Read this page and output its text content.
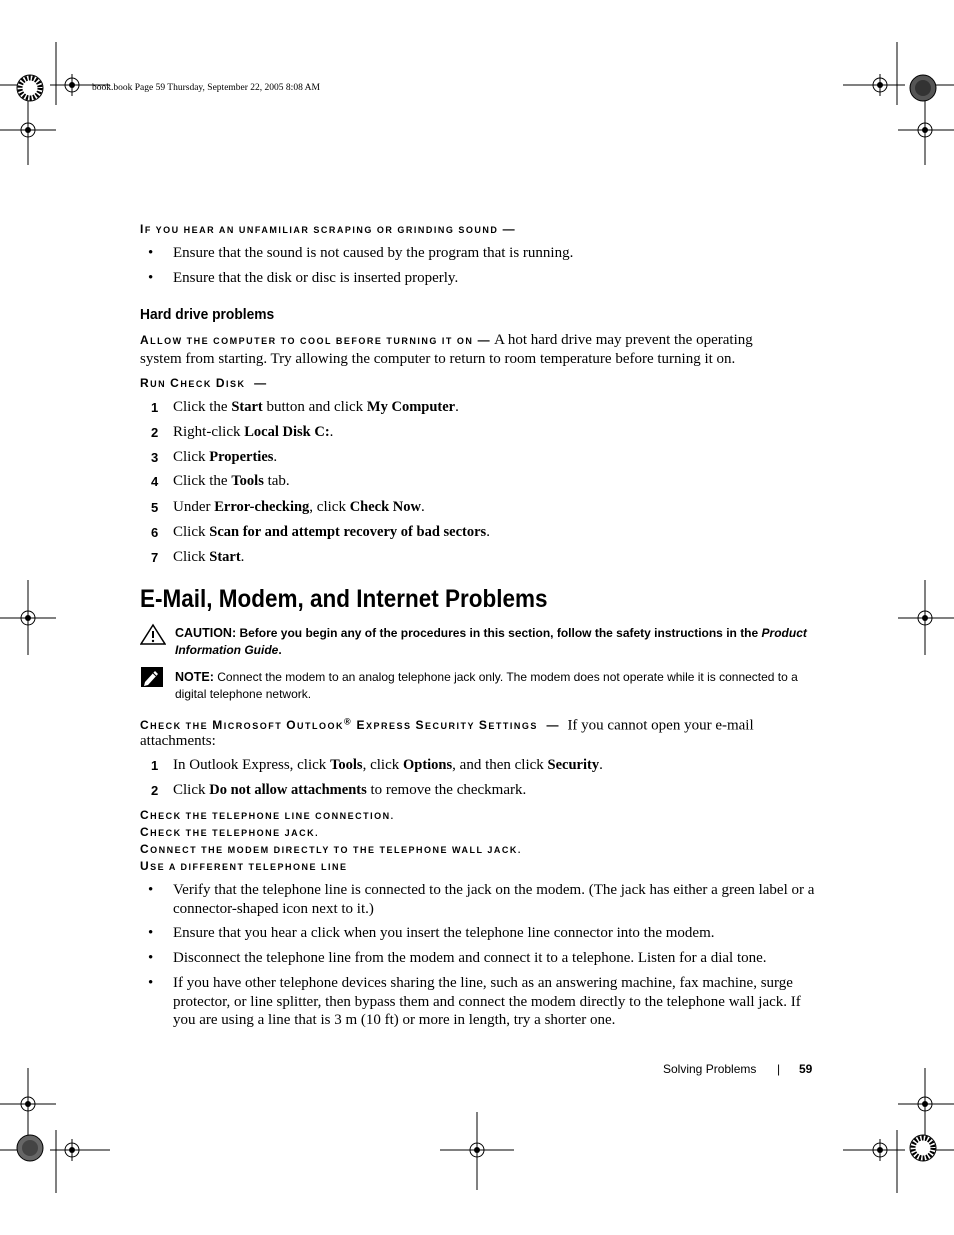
book.book Page 59 Thursday, September 22, 2005 8:08 AM
IF YOU HEAR AN UNFAMILIAR SCRAPING OR GRINDING SOUND —
• Ensure that the sound is not caused by the program that is running.
• Ensure that the disk or disc is inserted properly.
Hard drive problems
ALLOW THE COMPUTER TO COOL BEFORE TURNING IT ON — A hot hard drive may prevent the operating
system from starting. Try allowing the computer to return to room temperature before turning it on.
RUN CHECK DISK —
1 Click the Start button and click My Computer.
2 Right-click Local Disk C:.
3 Click Properties.
4 Click the Tools tab.
5 Under Error-checking, click Check Now.
6 Click Scan for and attempt recovery of bad sectors.
7 Click Start.
E-Mail, Modem, and Internet Problems
CAUTION: Before you begin any of the procedures in this section, follow the safety instructions in the Product Information Guide.
NOTE: Connect the modem to an analog telephone jack only. The modem does not operate while it is connected to a digital telephone network.
CHECK THE MICROSOFT OUTLOOK® EXPRESS SECURITY SETTINGS — If you cannot open your e-mail
attachments:
1 In Outlook Express, click Tools, click Options, and then click Security.
2 Click Do not allow attachments to remove the checkmark.
CHECK THE TELEPHONE LINE CONNECTION.
CHECK THE TELEPHONE JACK.
CONNECT THE MODEM DIRECTLY TO THE TELEPHONE WALL JACK.
USE A DIFFERENT TELEPHONE LINE
• Verify that the telephone line is connected to the jack on the modem. (The jack has either a green label or a connector-shaped icon next to it.)
• Ensure that you hear a click when you insert the telephone line connector into the modem.
• Disconnect the telephone line from the modem and connect it to a telephone. Listen for a dial tone.
• If you have other telephone devices sharing the line, such as an answering machine, fax machine, surge protector, or line splitter, then bypass them and connect the modem directly to the telephone wall jack. If you are using a line that is 3 m (10 ft) or more in length, try a shorter one.
Solving Problems | 59
